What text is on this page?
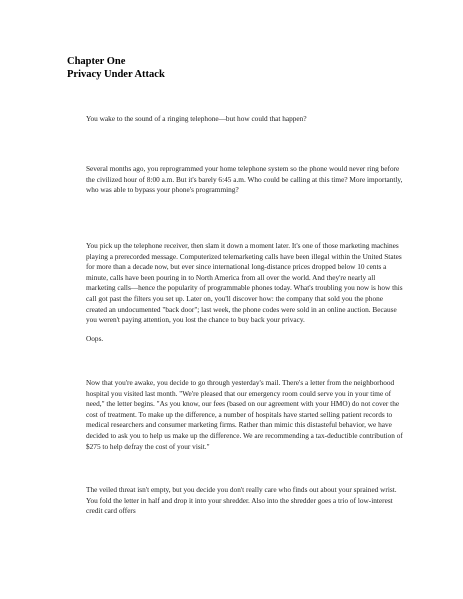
Chapter One
Privacy Under Attack

You wake to the sound of a ringing telephone—but how could that happen?

Several months ago, you reprogrammed your home telephone system so the phone would never ring before the civilized hour of 8:00 a.m. But it's barely 6:45 a.m. Who could be calling at this time? More importantly, who was able to bypass your phone's programming?

You pick up the telephone receiver, then slam it down a moment later. It's one of those marketing machines playing a prerecorded message. Computerized telemarketing calls have been illegal within the United States for more than a decade now, but ever since international long-distance prices dropped below 10 cents a minute, calls have been pouring in to North America from all over the world. And they're nearly all marketing calls—hence the popularity of programmable phones today. What's troubling you now is how this call got past the filters you set up. Later on, you'll discover how: the company that sold you the phone created an undocumented "back door"; last week, the phone codes were sold in an online auction. Because you weren't paying attention, you lost the chance to buy back your privacy.

Oops.

Now that you're awake, you decide to go through yesterday's mail. There's a letter from the neighborhood hospital you visited last month. "We're pleased that our emergency room could serve you in your time of need," the letter begins. "As you know, our fees (based on our agreement with your HMO) do not cover the cost of treatment. To make up the difference, a number of hospitals have started selling patient records to medical researchers and consumer marketing firms. Rather than mimic this distasteful behavior, we have decided to ask you to help us make up the difference. We are recommending a tax-deductible contribution of $275 to help defray the cost of your visit."

The veiled threat isn't empty, but you decide you don't really care who finds out about your sprained wrist. You fold the letter in half and drop it into your shredder. Also into the shredder goes a trio of low-interest credit card offers
